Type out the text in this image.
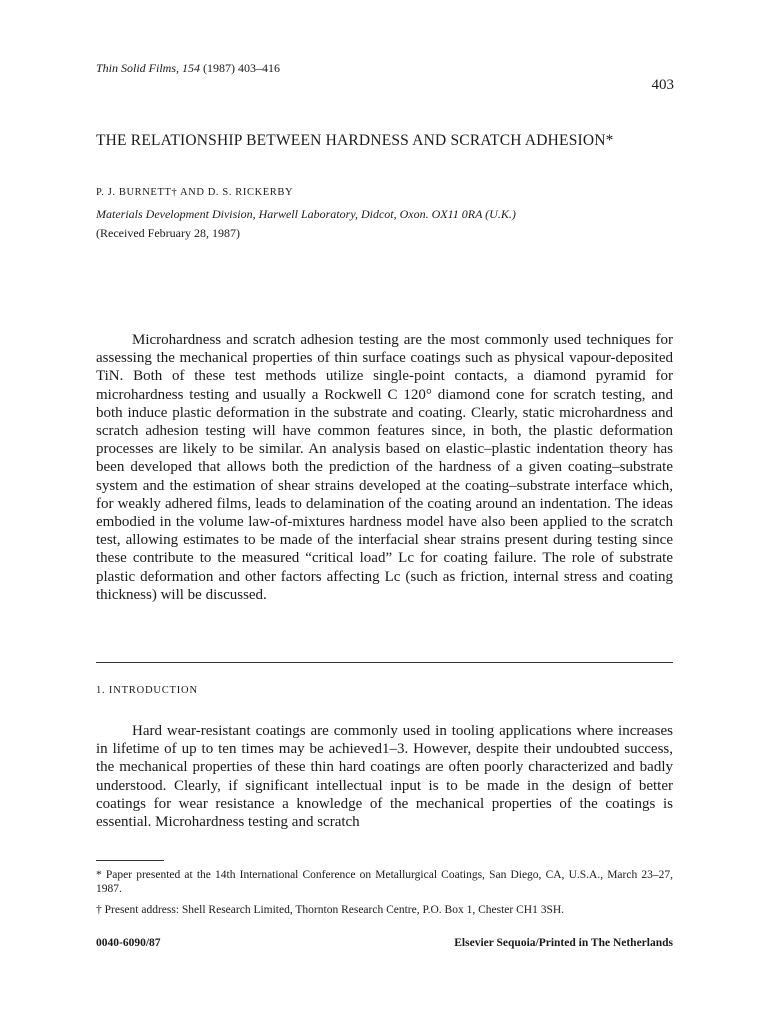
Thin Solid Films, 154 (1987) 403–416
403
THE RELATIONSHIP BETWEEN HARDNESS AND SCRATCH ADHESION*
P. J. BURNETT† AND D. S. RICKERBY
Materials Development Division, Harwell Laboratory, Didcot, Oxon. OX11 0RA (U.K.)
(Received February 28, 1987)

Microhardness and scratch adhesion testing are the most commonly used techniques for assessing the mechanical properties of thin surface coatings such as physical vapour-deposited TiN. Both of these test methods utilize single-point contacts, a diamond pyramid for microhardness testing and usually a Rockwell C 120° diamond cone for scratch testing, and both induce plastic deformation in the substrate and coating. Clearly, static microhardness and scratch adhesion testing will have common features since, in both, the plastic deformation processes are likely to be similar. An analysis based on elastic–plastic indentation theory has been developed that allows both the prediction of the hardness of a given coating–substrate system and the estimation of shear strains developed at the coating–substrate interface which, for weakly adhered films, leads to delamination of the coating around an indentation. The ideas embodied in the volume law-of-mixtures hardness model have also been applied to the scratch test, allowing estimates to be made of the interfacial shear strains present during testing since these contribute to the measured “critical load” Lc for coating failure. The role of substrate plastic deformation and other factors affecting Lc (such as friction, internal stress and coating thickness) will be discussed.

1. INTRODUCTION

Hard wear-resistant coatings are commonly used in tooling applications where increases in lifetime of up to ten times may be achieved1–3. However, despite their undoubted success, the mechanical properties of these thin hard coatings are often poorly characterized and badly understood. Clearly, if significant intellectual input is to be made in the design of better coatings for wear resistance a knowledge of the mechanical properties of the coatings is essential. Microhardness testing and scratch

* Paper presented at the 14th International Conference on Metallurgical Coatings, San Diego, CA, U.S.A., March 23–27, 1987.
† Present address: Shell Research Limited, Thornton Research Centre, P.O. Box 1, Chester CH1 3SH.
0040-6090/87	Elsevier Sequoia/Printed in The Netherlands
